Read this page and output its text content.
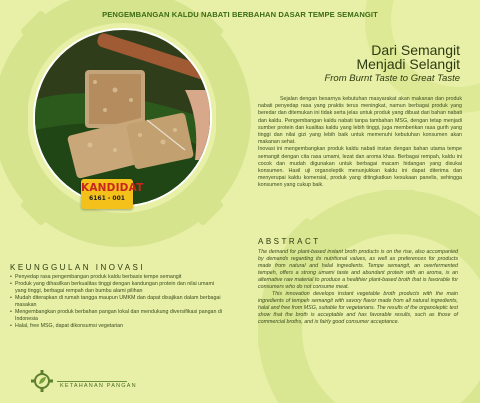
PENGEMBANGAN KALDU NABATI BERBAHAN DASAR TEMPE SEMANGIT
KANDIDAT
6161 - 001
Dari Semangit
Menjadi Selangit
From Burnt Taste to Great Taste

Sejalan dengan besarnya kebutuhan masyarakat akan makanan dan produk nabati penyedap rasa yang praktis terus meningkat, namun berbagai produk yang beredar dan ditemukan ini tidak serta jelas untuk produk yang dibuat dari bahan nabati dan kaldu. Pengembangan kaldu nabati tanpa tambahan MSG, dengan tetap menjadi sumber protein dan kualitas kaldu yang lebih tinggi, juga memberikan rasa gurih yang tinggi dan nilai gizi yang lebih baik untuk memenuhi kebutuhan konsumen akan makanan sehat.

Inovasi ini mengembangkan produk kaldu nabati instan dengan bahan utama tempe semangit dengan cita rasa umami, lezat dan aroma khas. Berbagai rempah, kaldu ini cocok dan mudah digunakan untuk berbagai macam hidangan yang disukai konsumen. Hasil uji organoleptik menunjukkan kaldu ini dapat diterima dan menyerupai kaldu komersial, produk yang ditingkatkan kesukaan panelis, sehingga konsumen yang cukup baik.

ABSTRACT

The demand for plant-based instant broth products is on the rise, also accompanied by demands regarding its nutritional values, as well as preferences for products made from natural and halal ingredients. Tempe semangit, an overfermented tempeh, offers a strong umami taste and abundant protein with an aroma, is an alternative raw material to produce a healthier plant-based broth that is favorable for consumers who do not consume meat.

This innovation develops instant vegetable broth products with the main ingredients of tempeh semangit with savory flavor made from all natural ingredients, halal and free from MSG, suitable for vegetarians. The results of the organoleptic test show that the broth is acceptable and has favorable results, such as those of commercial broths, and is fairly good consumer acceptance.

KEUNGGULAN INOVASI
• Penyedap rasa pengembangan produk kaldu berbasis tempe semangit
• Produk yang dihasilkan berkualitas tinggi dengan kandungan protein dan nilai umami yang tinggi, berbagai rempah dan bumbu alami pilihan
• Mudah diterapkan di rumah tangga maupun UMKM dan dapat disajikan dalam berbagai masakan
• Mengembangkan produk berbahan pangan lokal dan mendukung diversifikasi pangan di Indonesia
• Halal, free MSG, dapat dikonsumsi vegetarian
KETAHANAN PANGAN
